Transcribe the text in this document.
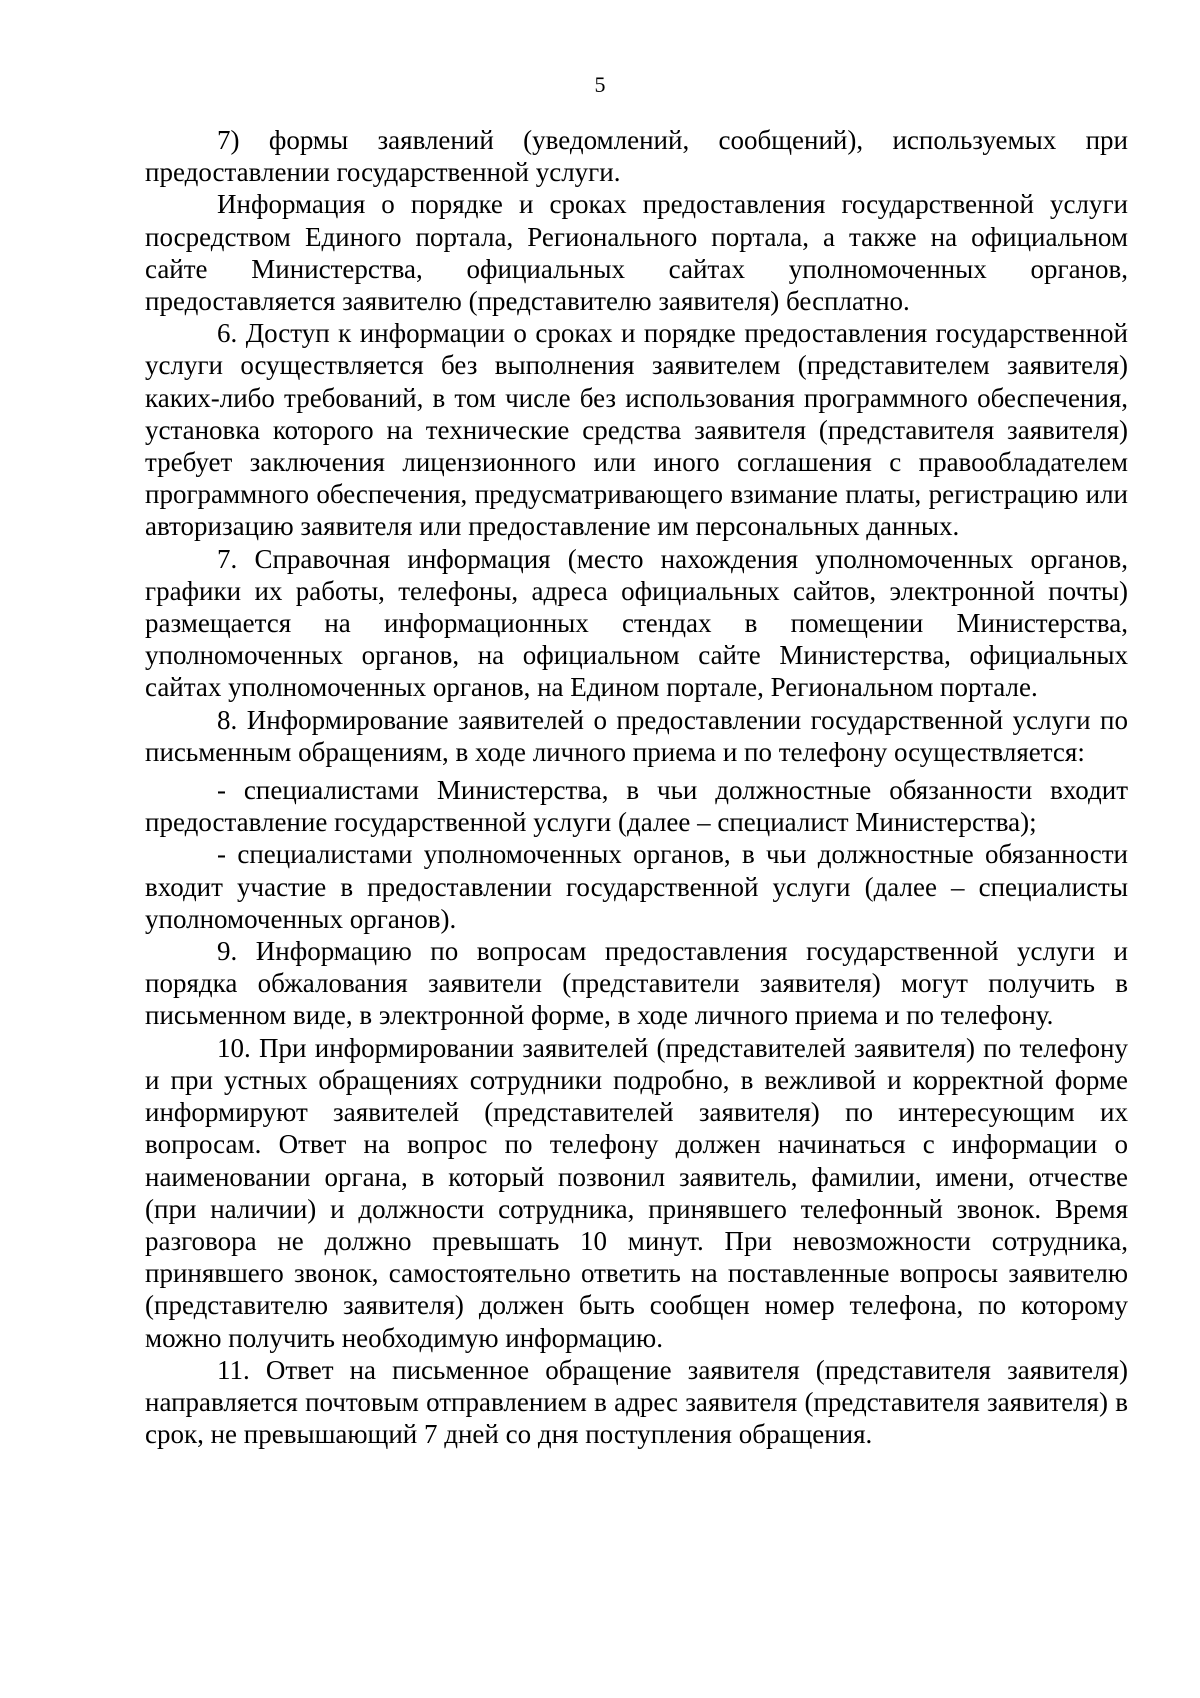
5

7) формы заявлений (уведомлений, сообщений), используемых при предоставлении государственной услуги.

Информация о порядке и сроках предоставления государственной услуги посредством Единого портала, Регионального портала, а также на официальном сайте Министерства, официальных сайтах уполномоченных органов, предоставляется заявителю (представителю заявителя) бесплатно.

6. Доступ к информации о сроках и порядке предоставления государственной услуги осуществляется без выполнения заявителем (представителем заявителя) каких-либо требований, в том числе без использования программного обеспечения, установка которого на технические средства заявителя (представителя заявителя) требует заключения лицензионного или иного соглашения с правообладателем программного обеспечения, предусматривающего взимание платы, регистрацию или авторизацию заявителя или предоставление им персональных данных.

7. Справочная информация (место нахождения уполномоченных органов, графики их работы, телефоны, адреса официальных сайтов, электронной почты) размещается на информационных стендах в помещении Министерства, уполномоченных органов, на официальном сайте Министерства, официальных сайтах уполномоченных органов, на Едином портале, Региональном портале.

8. Информирование заявителей о предоставлении государственной услуги по письменным обращениям, в ходе личного приема и по телефону осуществляется:

- специалистами Министерства, в чьи должностные обязанности входит предоставление государственной услуги (далее – специалист Министерства);

- специалистами уполномоченных органов, в чьи должностные обязанности входит участие в предоставлении государственной услуги (далее – специалисты уполномоченных органов).

9. Информацию по вопросам предоставления государственной услуги и порядка обжалования заявители (представители заявителя) могут получить в письменном виде, в электронной форме, в ходе личного приема и по телефону.

10. При информировании заявителей (представителей заявителя) по телефону и при устных обращениях сотрудники подробно, в вежливой и корректной форме информируют заявителей (представителей заявителя) по интересующим их вопросам. Ответ на вопрос по телефону должен начинаться с информации о наименовании органа, в который позвонил заявитель, фамилии, имени, отчестве (при наличии) и должности сотрудника, принявшего телефонный звонок. Время разговора не должно превышать 10 минут. При невозможности сотрудника, принявшего звонок, самостоятельно ответить на поставленные вопросы заявителю (представителю заявителя) должен быть сообщен номер телефона, по которому можно получить необходимую информацию.

11. Ответ на письменное обращение заявителя (представителя заявителя) направляется почтовым отправлением в адрес заявителя (представителя заявителя) в срок, не превышающий 7 дней со дня поступления обращения.
